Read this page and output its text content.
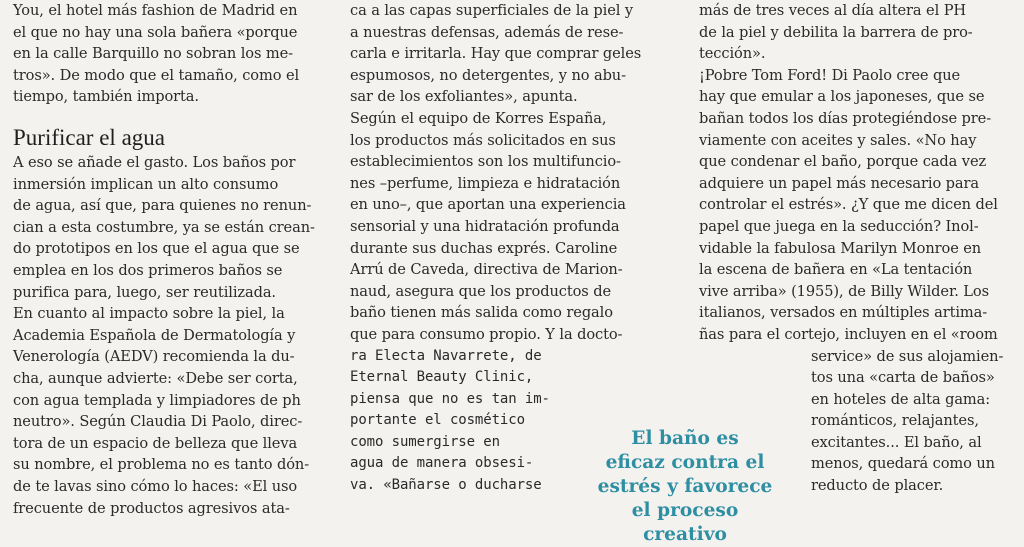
You, el hotel más fashion de Madrid en
el que no hay una sola bañera «porque
en la calle Barquillo no sobran los me-
tros». De modo que el tamaño, como el
tiempo, también importa.
A eso se añade el gasto. Los baños por
inmersión implican un alto consumo
de agua, así que, para quienes no renun-
cian a esta costumbre, ya se están crean-
do prototipos en los que el agua que se
emplea en los dos primeros baños se
purifica para, luego, ser reutilizada.
En cuanto al impacto sobre la piel, la
Academia Española de Dermatología y
Venerología (AEDV) recomienda la du-
cha, aunque advierte: «Debe ser corta,
con agua templada y limpiadores de ph
neutro». Según Claudia Di Paolo, direc-
tora de un espacio de belleza que lleva
su nombre, el problema no es tanto dón-
de te lavas sino cómo lo haces: «El uso
frecuente de productos agresivos ata-
Purificar el agua
ca a las capas superficiales de la piel y
a nuestras defensas, además de rese-
carla e irritarla. Hay que comprar geles
espumosos, no detergentes, y no abu-
sar de los exfoliantes», apunta.
Según el equipo de Korres España,
los productos más solicitados en sus
establecimientos son los multifuncio-
nes –perfume, limpieza e hidratación
en uno–, que aportan una experiencia
sensorial y una hidratación profunda
durante sus duchas exprés. Caroline
Arrú de Caveda, directiva de Marion-
naud, asegura que los productos de
baño tienen más salida como regalo
que para consumo propio. Y la docto-
ra Electa Navarrete, de
Eternal Beauty Clinic,
piensa que no es tan im-
portante el cosmético
como sumergirse en
agua de manera obsesi-
va. «Bañarse o ducharse
más de tres veces al día altera el PH
de la piel y debilita la barrera de pro-
tección».
¡Pobre Tom Ford! Di Paolo cree que
hay que emular a los japoneses, que se
bañan todos los días protegiéndose pre-
viamente con aceites y sales. «No hay
que condenar el baño, porque cada vez
adquiere un papel más necesario para
controlar el estrés». ¿Y que me dicen del
papel que juega en la seducción? Inol-
vidable la fabulosa Marilyn Monroe en
la escena de bañera en «La tentación
vive arriba» (1955), de Billy Wilder. Los
italianos, versados en múltiples artima-
ñas para el cortejo, incluyen en el «room
service» de sus alojamien-
tos una «carta de baños»
en hoteles de alta gama:
románticos, relajantes,
excitantes... El baño, al
menos, quedará como un
reducto de placer.
El baño es
eficaz contra el
estrés y favorece
el proceso
creativo
